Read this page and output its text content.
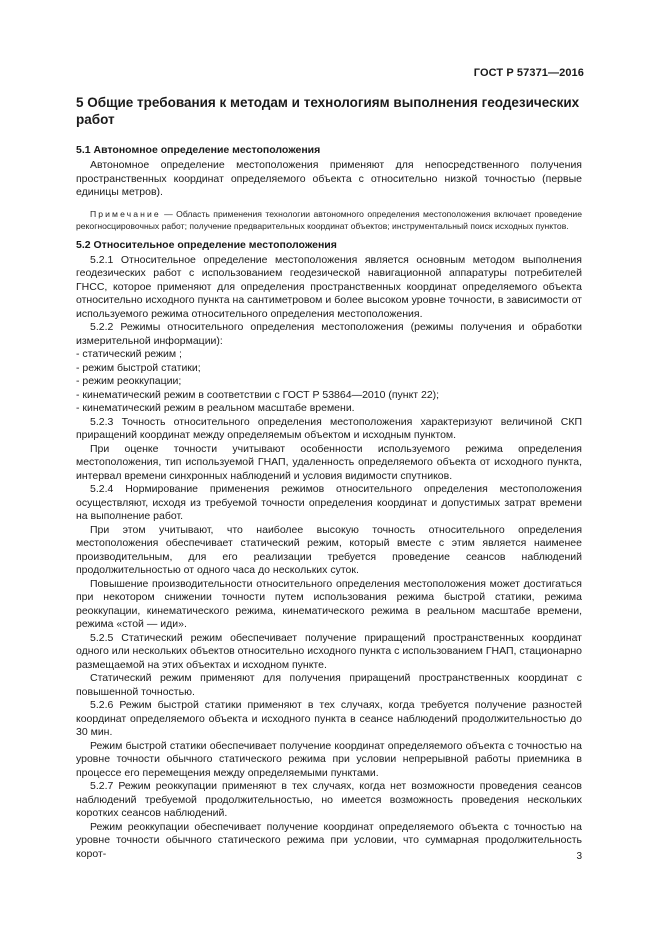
ГОСТ Р 57371—2016
5 Общие требования к методам и технологиям выполнения геодезических работ
5.1 Автономное определение местоположения

Автономное определение местоположения применяют для непосредственного получения пространственных координат определяемого объекта с относительно низкой точностью (первые единицы метров).

Примечание — Область применения технологии автономного определения местоположения включает проведение рекогносцировочных работ; получение предварительных координат объектов; инструментальный поиск исходных пунктов.

5.2 Относительное определение местоположения

5.2.1 Относительное определение местоположения является основным методом выполнения геодезических работ с использованием геодезической навигационной аппаратуры потребителей ГНСС, которое применяют для определения пространственных координат определяемого объекта относительно исходного пункта на сантиметровом и более высоком уровне точности, в зависимости от используемого режима относительного определения местоположения.

5.2.2 Режимы относительного определения местоположения (режимы получения и обработки измерительной информации):

- статический режим ;
- режим быстрой статики;
- режим реоккупации;
- кинематический режим в соответствии с ГОСТ Р 53864—2010 (пункт 22);
- кинематический режим в реальном масштабе времени.

5.2.3 Точность относительного определения местоположения характеризуют величиной СКП приращений координат между определяемым объектом и исходным пунктом.

При оценке точности учитывают особенности используемого режима определения местоположения, тип используемой ГНАП, удаленность определяемого объекта от исходного пункта, интервал времени синхронных наблюдений и условия видимости спутников.

5.2.4 Нормирование применения режимов относительного определения местоположения осуществляют, исходя из требуемой точности определения координат и допустимых затрат времени на выполнение работ.

При этом учитывают, что наиболее высокую точность относительного определения местоположения обеспечивает статический режим, который вместе с этим является наименее производительным, для его реализации требуется проведение сеансов наблюдений продолжительностью от одного часа до нескольких суток.

Повышение производительности относительного определения местоположения может достигаться при некотором снижении точности путем использования режима быстрой статики, режима реоккупации, кинематического режима, кинематического режима в реальном масштабе времени, режима «стой — иди».

5.2.5 Статический режим обеспечивает получение приращений пространственных координат одного или нескольких объектов относительно исходного пункта с использованием ГНАП, стационарно размещаемой на этих объектах и исходном пункте.

Статический режим применяют для получения приращений пространственных координат с повышенной точностью.

5.2.6 Режим быстрой статики применяют в тех случаях, когда требуется получение разностей координат определяемого объекта и исходного пункта в сеансе наблюдений продолжительностью до 30 мин.

Режим быстрой статики обеспечивает получение координат определяемого объекта с точностью на уровне точности обычного статического режима при условии непрерывной работы приемника в процессе его перемещения между определяемыми пунктами.

5.2.7 Режим реоккупации применяют в тех случаях, когда нет возможности проведения сеансов наблюдений требуемой продолжительностью, но имеется возможность проведения нескольких коротких сеансов наблюдений.

Режим реоккупации обеспечивает получение координат определяемого объекта с точностью на уровне точности обычного статического режима при условии, что суммарная продолжительность корот-	3
